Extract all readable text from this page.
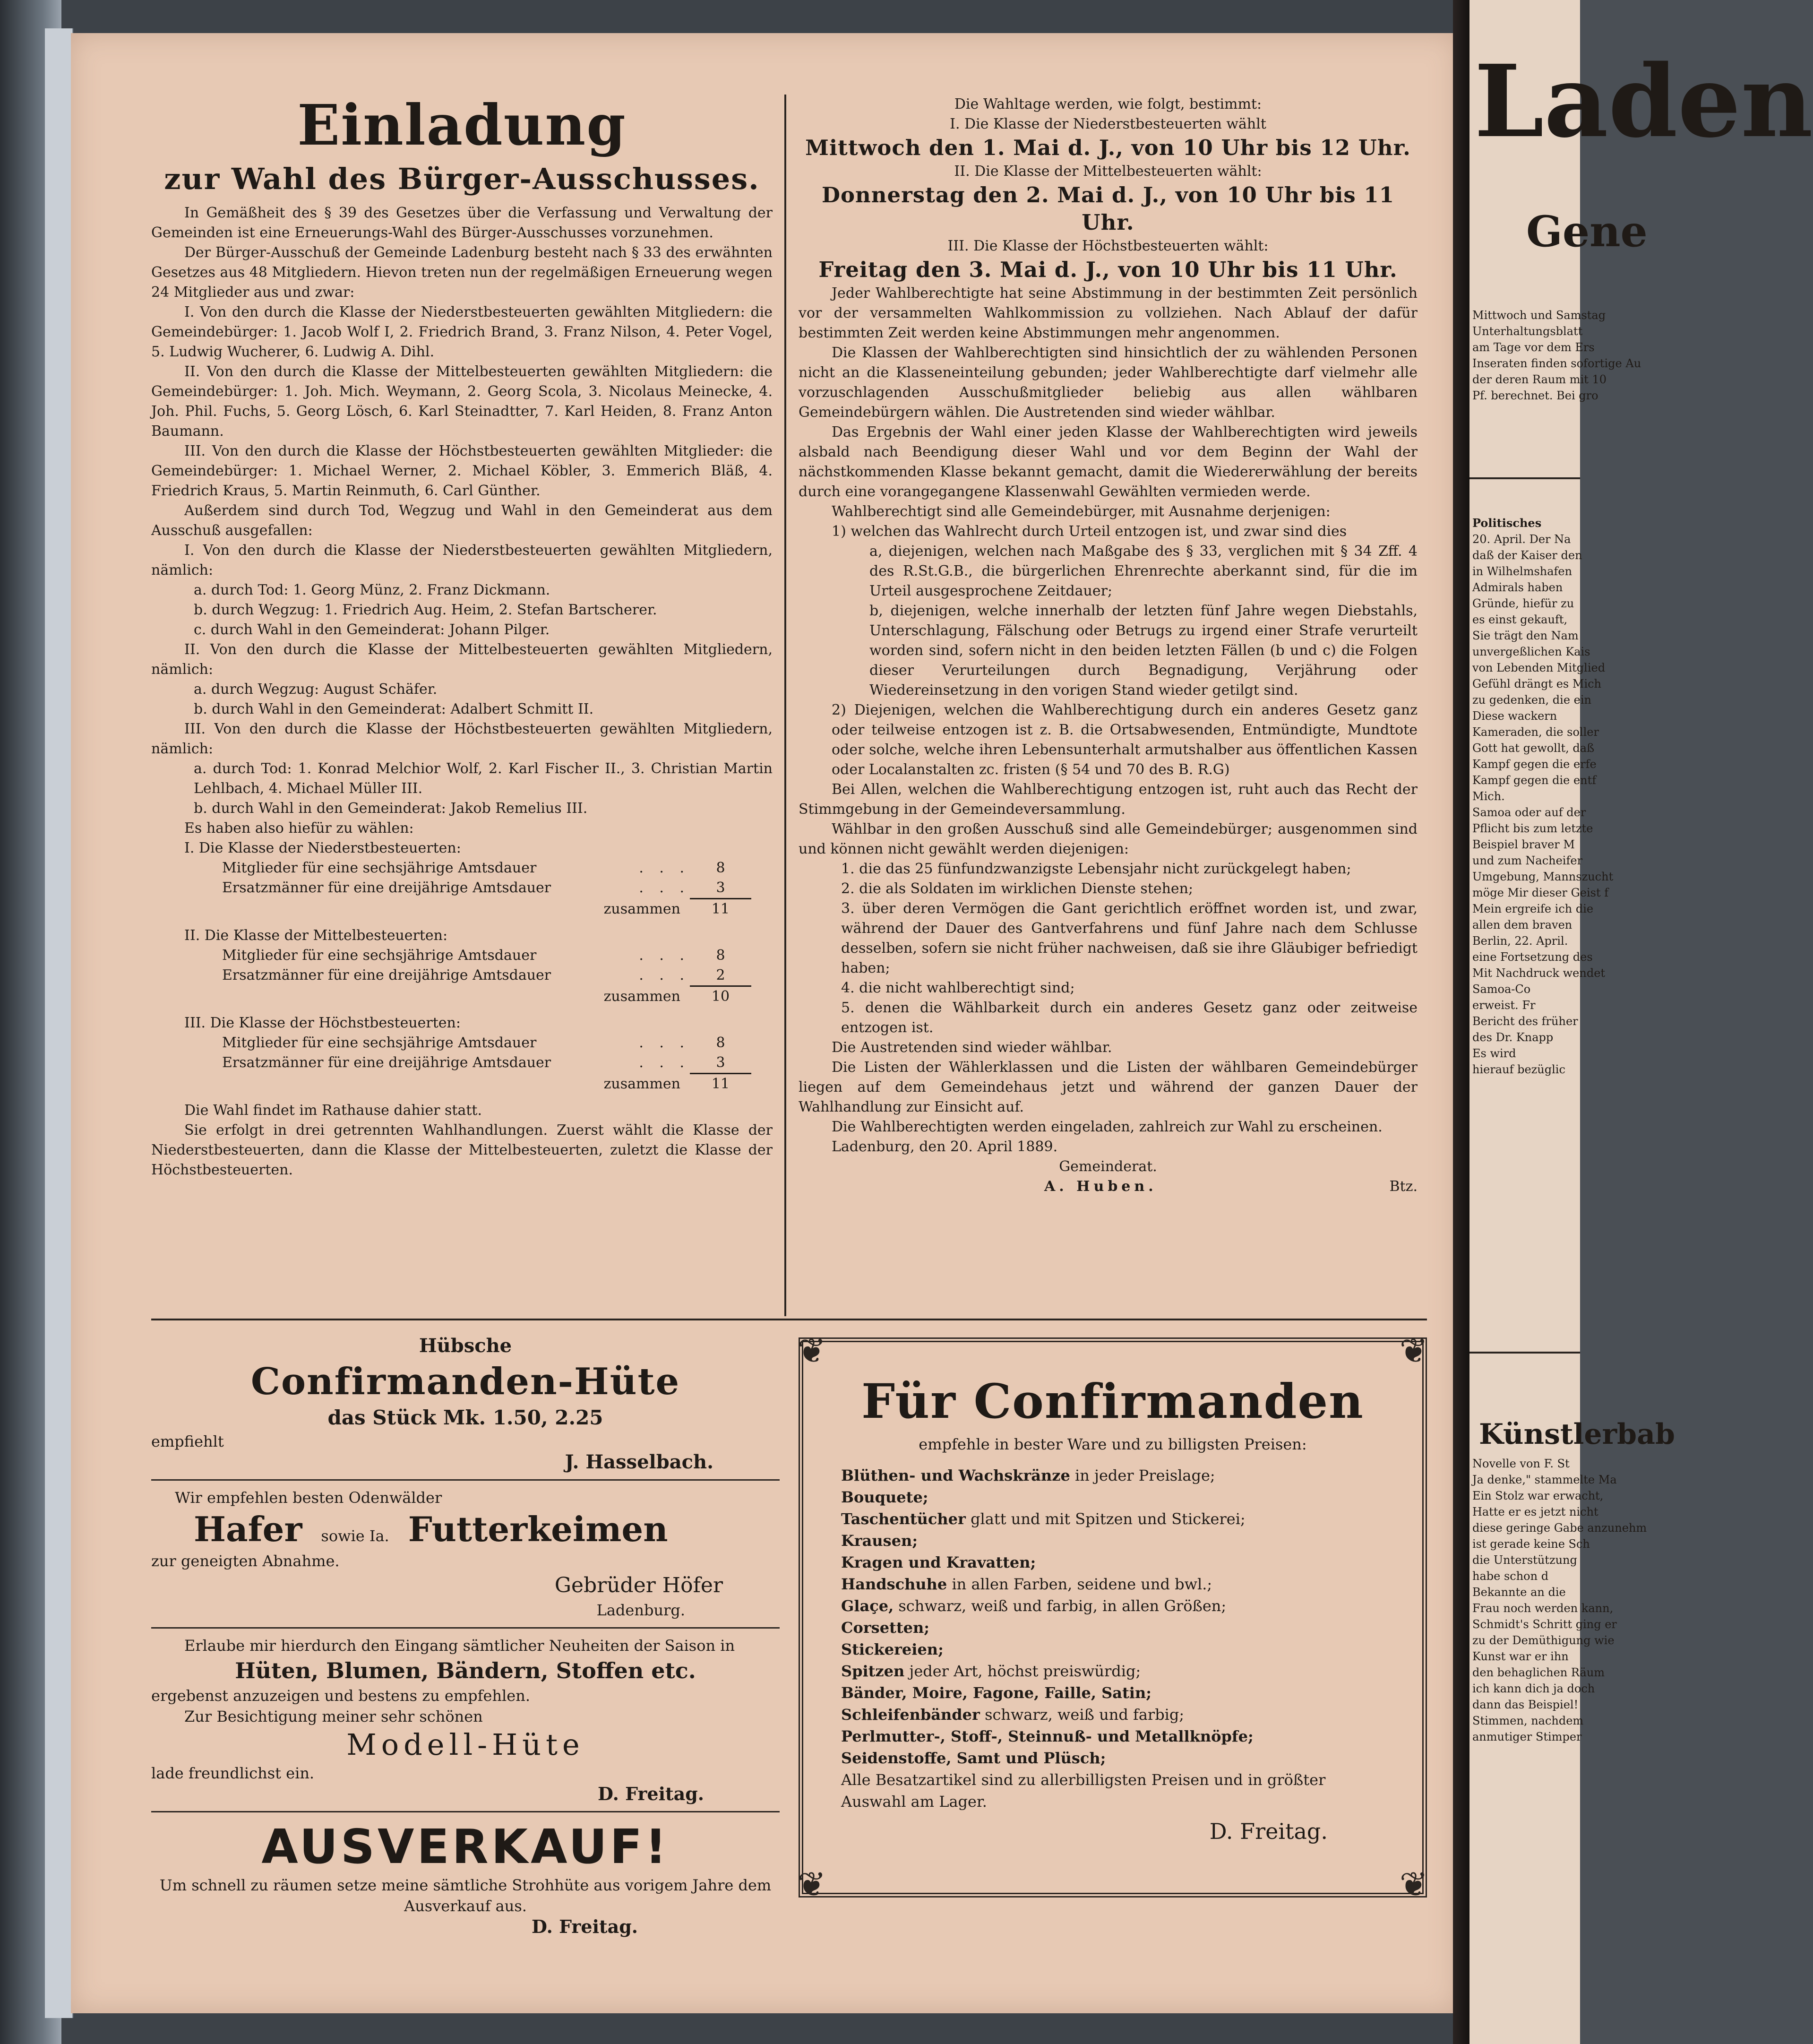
Einladung
zur Wahl des Bürger-Ausschusses.

In Gemäßheit des § 39 des Gesetzes über die Verfassung und Verwaltung der Gemeinden ist eine Erneuerungs-Wahl des Bürger-Ausschusses vorzunehmen.

Der Bürger-Ausschuß der Gemeinde Ladenburg besteht nach § 33 des erwähnten Gesetzes aus 48 Mitgliedern. Hievon treten nun der regelmäßigen Erneuerung wegen 24 Mitglieder aus und zwar:

I. Von den durch die Klasse der Niederstbesteuerten gewählten Mitgliedern: die Gemeindebürger: 1. Jacob Wolf I, 2. Friedrich Brand, 3. Franz Nilson, 4. Peter Vogel, 5. Ludwig Wucherer, 6. Ludwig A. Dihl.

II. Von den durch die Klasse der Mittelbesteuerten gewählten Mitgliedern: die Gemeindebürger: 1. Joh. Mich. Weymann, 2. Georg Scola, 3. Nicolaus Meinecke, 4. Joh. Phil. Fuchs, 5. Georg Lösch, 6. Karl Steinadtter, 7. Karl Heiden, 8. Franz Anton Baumann.

III. Von den durch die Klasse der Höchstbesteuerten gewählten Mitglieder: die Gemeindebürger: 1. Michael Werner, 2. Michael Köbler, 3. Emmerich Bläß, 4. Friedrich Kraus, 5. Martin Reinmuth, 6. Carl Günther.

Außerdem sind durch Tod, Wegzug und Wahl in den Gemeinderat aus dem Ausschuß ausgefallen:

I. Von den durch die Klasse der Niederstbesteuerten gewählten Mitgliedern, nämlich:

a. durch Tod: 1. Georg Münz, 2. Franz Dickmann.

b. durch Wegzug: 1. Friedrich Aug. Heim, 2. Stefan Bartscherer.

c. durch Wahl in den Gemeinderat: Johann Pilger.

II. Von den durch die Klasse der Mittelbesteuerten gewählten Mitgliedern, nämlich:

a. durch Wegzug: August Schäfer.

b. durch Wahl in den Gemeinderat: Adalbert Schmitt II.

III. Von den durch die Klasse der Höchstbesteuerten gewählten Mitgliedern, nämlich:

a. durch Tod: 1. Konrad Melchior Wolf, 2. Karl Fischer II., 3. Christian Martin Lehlbach, 4. Michael Müller III.

b. durch Wahl in den Gemeinderat: Jakob Remelius III.

Es haben also hiefür zu wählen:

I. Die Klasse der Niederstbesteuerten:
Mitglieder für eine sechsjährige Amtsdauer	. . .	8
Ersatzmänner für eine dreijährige Amtsdauer	. . .	3
zusammen	11
II. Die Klasse der Mittelbesteuerten:
Mitglieder für eine sechsjährige Amtsdauer	. . .	8
Ersatzmänner für eine dreijährige Amtsdauer	. . .	2
zusammen	10
III. Die Klasse der Höchstbesteuerten:
Mitglieder für eine sechsjährige Amtsdauer	. . .	8
Ersatzmänner für eine dreijährige Amtsdauer	. . .	3
zusammen	11

Die Wahl findet im Rathause dahier statt.

Sie erfolgt in drei getrennten Wahlhandlungen. Zuerst wählt die Klasse der Niederstbesteuerten, dann die Klasse der Mittelbesteuerten, zuletzt die Klasse der Höchstbesteuerten.

Die Wahltage werden, wie folgt, bestimmt:

I. Die Klasse der Niederstbesteuerten wählt

Mittwoch den 1. Mai d. J., von 10 Uhr bis 12 Uhr.

II. Die Klasse der Mittelbesteuerten wählt:

Donnerstag den 2. Mai d. J., von 10 Uhr bis 11 Uhr.

III. Die Klasse der Höchstbesteuerten wählt:

Freitag den 3. Mai d. J., von 10 Uhr bis 11 Uhr.

Jeder Wahlberechtigte hat seine Abstimmung in der bestimmten Zeit persönlich vor der versammelten Wahlkommission zu vollziehen. Nach Ablauf der dafür bestimmten Zeit werden keine Abstimmungen mehr angenommen.

Die Klassen der Wahlberechtigten sind hinsichtlich der zu wählenden Personen nicht an die Klasseneinteilung gebunden; jeder Wahlberechtigte darf vielmehr alle vorzuschlagenden Ausschußmitglieder beliebig aus allen wählbaren Gemeindebürgern wählen. Die Austretenden sind wieder wählbar.

Das Ergebnis der Wahl einer jeden Klasse der Wahlberechtigten wird jeweils alsbald nach Beendigung dieser Wahl und vor dem Beginn der Wahl der nächstkommenden Klasse bekannt gemacht, damit die Wiedererwählung der bereits durch eine vorangegangene Klassenwahl Gewählten vermieden werde.

Wahlberechtigt sind alle Gemeindebürger, mit Ausnahme derjenigen:

1) welchen das Wahlrecht durch Urteil entzogen ist, und zwar sind dies

a, diejenigen, welchen nach Maßgabe des § 33, verglichen mit § 34 Zff. 4 des R.St.G.B., die bürgerlichen Ehrenrechte aberkannt sind, für die im Urteil ausgesprochene Zeitdauer;

b, diejenigen, welche innerhalb der letzten fünf Jahre wegen Diebstahls, Unterschlagung, Fälschung oder Betrugs zu irgend einer Strafe verurteilt worden sind, sofern nicht in den beiden letzten Fällen (b und c) die Folgen dieser Verurteilungen durch Begnadigung, Verjährung oder Wiedereinsetzung in den vorigen Stand wieder getilgt sind.

2) Diejenigen, welchen die Wahlberechtigung durch ein anderes Gesetz ganz oder teilweise entzogen ist z. B. die Ortsabwesenden, Entmündigte, Mundtote oder solche, welche ihren Lebensunterhalt armutshalber aus öffentlichen Kassen oder Localanstalten zc. fristen (§ 54 und 70 des B. R.G)

Bei Allen, welchen die Wahlberechtigung entzogen ist, ruht auch das Recht der Stimmgebung in der Gemeindeversammlung.

Wählbar in den großen Ausschuß sind alle Gemeindebürger; ausgenommen sind und können nicht gewählt werden diejenigen:

1. die das 25 fünfundzwanzigste Lebensjahr nicht zurückgelegt haben;

2. die als Soldaten im wirklichen Dienste stehen;

3. über deren Vermögen die Gant gerichtlich eröffnet worden ist, und zwar, während der Dauer des Gantverfahrens und fünf Jahre nach dem Schlusse desselben, sofern sie nicht früher nachweisen, daß sie ihre Gläubiger befriedigt haben;

4. die nicht wahlberechtigt sind;

5. denen die Wählbarkeit durch ein anderes Gesetz ganz oder zeitweise entzogen ist.

Die Austretenden sind wieder wählbar.

Die Listen der Wählerklassen und die Listen der wählbaren Gemeindebürger liegen auf dem Gemeindehaus jetzt und während der ganzen Dauer der Wahlhandlung zur Einsicht auf.

Die Wahlberechtigten werden eingeladen, zahlreich zur Wahl zu erscheinen.

Ladenburg, den 20. April 1889.

Gemeinderat.

A. Huben.	Btz.

Hübsche

Confirmanden-Hüte

das Stück Mk. 1.50, 2.25

empfiehlt

J. Hasselbach.

Wir empfehlen besten Odenwälder

Hafer sowie Ia. Futterkeimen

zur geneigten Abnahme.

Gebrüder Höfer

Ladenburg.

Erlaube mir hierdurch den Eingang sämtlicher Neuheiten der Saison in

Hüten, Blumen, Bändern, Stoffen etc.

ergebenst anzuzeigen und bestens zu empfehlen.

Zur Besichtigung meiner sehr schönen

Modell-Hüte

lade freundlichst ein.

D. Freitag.

AUSVERKAUF!

Um schnell zu räumen setze meine sämtliche Strohhüte aus vorigem Jahre dem Ausverkauf aus.

D. Freitag.

❦	❦
❦	❦

Für Confirmanden

empfehle in bester Ware und zu billigsten Preisen:

Blüthen- und Wachskränze in jeder Preislage;

Bouquete;

Taschentücher glatt und mit Spitzen und Stickerei;

Krausen;

Kragen und Kravatten;

Handschuhe in allen Farben, seidene und bwl.;

Glaçe, schwarz, weiß und farbig, in allen Größen;

Corsetten;

Stickereien;

Spitzen jeder Art, höchst preiswürdig;

Bänder, Moire, Fagone, Faille, Satin;

Schleifenbänder schwarz, weiß und farbig;

Perlmutter-, Stoff-, Steinnuß- und Metallknöpfe;

Seidenstoffe, Samt und Plüsch;

Alle Besatzartikel sind zu allerbilligsten Preisen und in größter Auswahl am Lager.

D. Freitag.

Laden
Gene
Mittwoch und Samstag
Unterhaltungsblatt
am Tage vor dem Ers
Inseraten finden sofortige Au
der deren Raum mit 10
Pf. berechnet. Bei gro
Politisches
20. April. Der Na
daß der Kaiser den
in Wilhelmshafen
Admirals haben
Gründe, hiefür zu
es einst gekauft,
Sie trägt den Nam
unvergeßlichen Kais
von Lebenden Mitglied
Gefühl drängt es Mich
zu gedenken, die ein
Diese wackern
Kameraden, die soller
Gott hat gewollt, daß
Kampf gegen die erfe
Kampf gegen die entf
Mich.
Samoa oder auf der
Pflicht bis zum letzte
Beispiel braver M
und zum Nacheifer
Umgebung, Mannszucht
möge Mir dieser Geist f
Mein ergreife ich die
allen dem braven
Berlin, 22. April.
eine Fortsetzung des
Mit Nachdruck wendet
Samoa-Co
erweist. Fr
Bericht des früher
des Dr. Knapp
Es wird
hierauf bezüglic
Künstlerbab
Novelle von F. St
Ja denke," stammelte Ma
Ein Stolz war erwacht,
Hatte er es jetzt nicht
diese geringe Gabe anzunehm
ist gerade keine Sch
die Unterstützung
habe schon d
Bekannte an die
Frau noch werden kann,
Schmidt's Schritt ging er
zu der Demüthigung wie
Kunst war er ihn
den behaglichen Räum
ich kann dich ja doch
dann das Beispiel!
Stimmen, nachdem
anmutiger Stimper
